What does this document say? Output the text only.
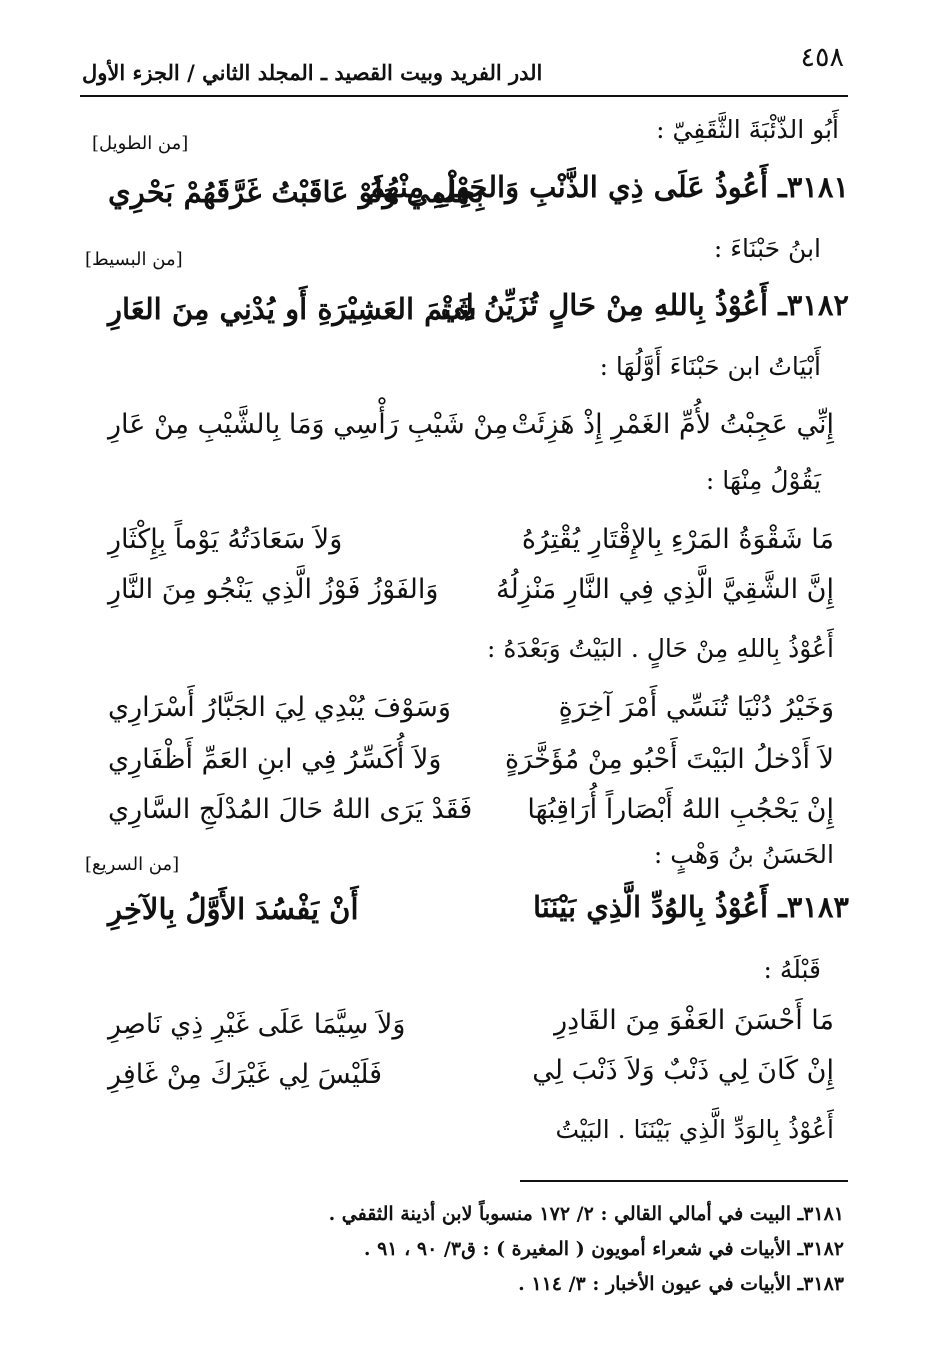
٤٥٨
الدر الفريد وبيت القصيد ـ المجلد الثاني / الجزء الأول
أَبُو الذّئْبَةَ الثَّقَفِيّ :
[من الطويل]
٣١٨١ـ أَعُوذُ عَلَى ذِي الذَّنْبِ وَالجَهْلِ مِنْهُمُ
بِحِلْمِي وَلَوْ عَاقَبْتُ غَرَّقَهُمْ بَحْرِي
ابنُ حَبْنَاءَ :
[من البسيط]
٣١٨٢ـ أَعُوْذُ بِاللهِ مِنْ حَالٍ تُزَيِّنُ لِي
شَتْمَ العَشِيْرَةِ أَو يُدْنِي مِنَ العَارِ
أَبْيَاتُ ابن حَبْنَاءَ أَوَّلُهَا :
إِنِّي عَجِبْتُ لأُمِّ الغَمْرِ إِذْ هَزِئَتْ
مِنْ شَيْبِ رَأْسِي وَمَا بِالشَّيْبِ مِنْ عَارِ
يَقُوْلُ مِنْهَا :
مَا شَقْوَةُ المَرْءِ بِالإِقْتَارِ يُقْتِرُهُ
وَلاَ سَعَادَتُهُ يَوْماً بِإِكْثَارِ
إِنَّ الشَّقِيَّ الَّذِي فِي النَّارِ مَنْزِلُهُ
وَالفَوْزُ فَوْزُ الَّذِي يَنْجُو مِنَ النَّارِ
أَعُوْذُ بِاللهِ مِنْ حَالٍ . البَيْتُ وَبَعْدَهُ :
وَخَيْرُ دُنْيَا تُنَسِّي أَمْرَ آخِرَةٍ
وَسَوْفَ يُبْدِي لِيَ الجَبَّارُ أَسْرَارِي
لاَ أَدْخلُ البَيْتَ أَحْبُو مِنْ مُؤَخَّرَةٍ
وَلاَ أُكَسِّرُ فِي ابنِ العَمِّ أَظْفَارِي
إِنْ يَحْجُبِ اللهُ أَبْصَاراً أُرَاقِبُهَا
فَقَدْ يَرَى اللهُ حَالَ المُدْلَجِ السَّارِي
الحَسَنُ بنُ وَهْبٍ :
[من السريع]
٣١٨٣ـ أَعُوْذُ بِالوُدِّ الَّذِي بَيْنَنَا
أَنْ يَفْسُدَ الأَوَّلُ بِالآخِرِ
قَبْلَهُ :
مَا أَحْسَنَ العَفْوَ مِنَ القَادِرِ
وَلاَ سِيَّمَا عَلَى غَيْرِ ذِي نَاصِرِ
إِنْ كَانَ لِي ذَنْبٌ وَلاَ ذَنْبَ لِي
فَلَيْسَ لِي غَيْرَكَ مِنْ غَافِرِ
أَعُوْذُ بِالوَدِّ الَّذِي بَيْنَنَا . البَيْتُ
٣١٨١ـ البيت في أمالي القالي : ٢/ ١٧٢ منسوباً لابن أذينة الثقفي .
٣١٨٢ـ الأبيات في شعراء أمويون ( المغيرة ) : ق٣/ ٩٠ ، ٩١ .
٣١٨٣ـ الأبيات في عيون الأخبار : ٣/ ١١٤ .
